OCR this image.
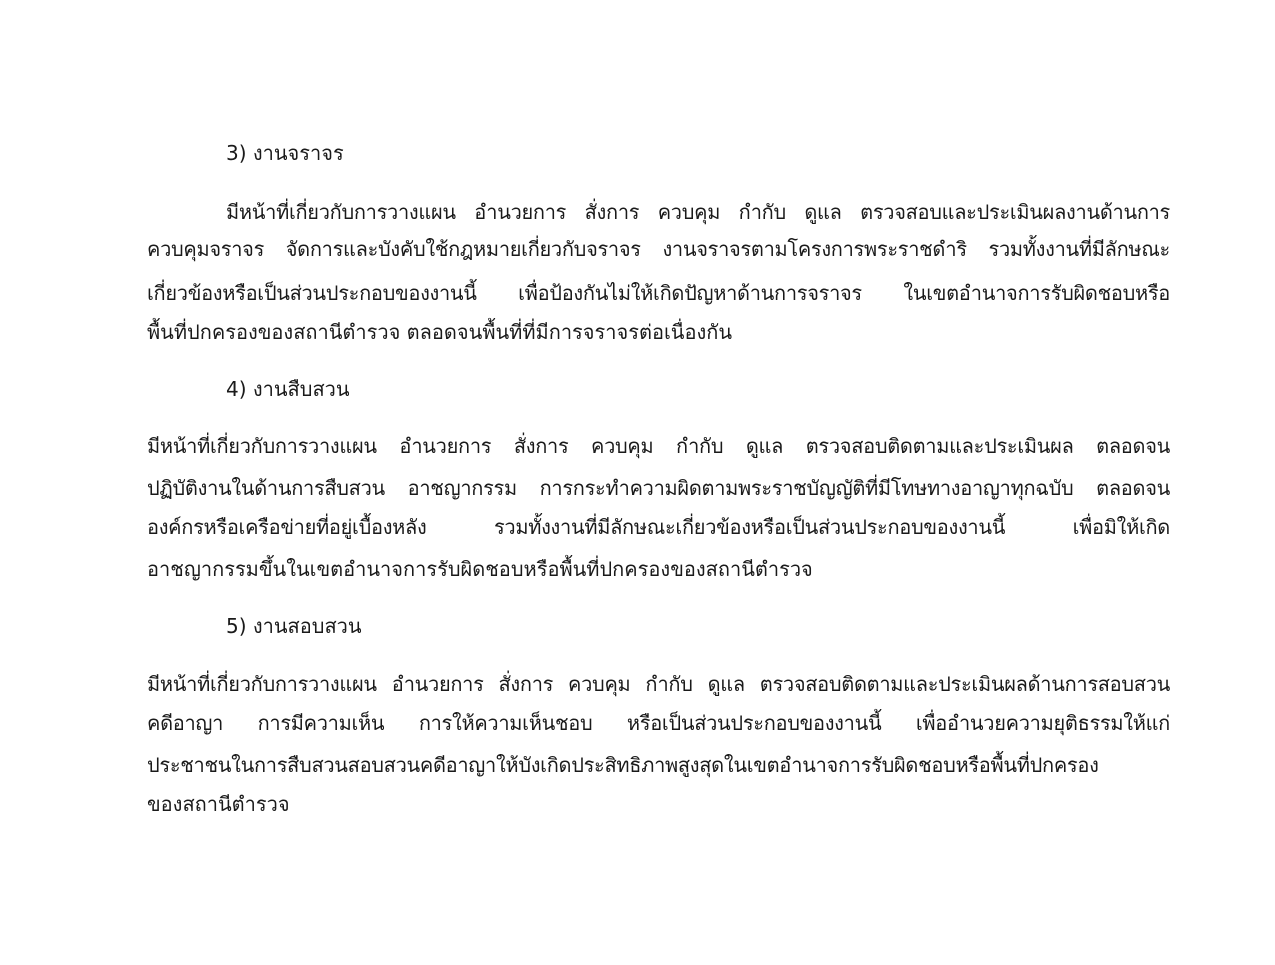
3) งานจราจร

มีหน้าที่เกี่ยวกับการวางแผน อำนวยการ สั่งการ ควบคุม กำกับ ดูแล ตรวจสอบและประเมินผลงานด้านการ

ควบคุมจราจร จัดการและบังคับใช้กฎหมายเกี่ยวกับจราจร งานจราจรตามโครงการพระราชดำริ รวมทั้งงานที่มีลักษณะ

เกี่ยวข้องหรือเป็นส่วนประกอบของงานนี้ เพื่อป้องกันไม่ให้เกิดปัญหาด้านการจราจร ในเขตอำนาจการรับผิดชอบหรือ

พื้นที่ปกครองของสถานีตำรวจ ตลอดจนพื้นที่ที่มีการจราจรต่อเนื่องกัน

4) งานสืบสวน

มีหน้าที่เกี่ยวกับการวางแผน อำนวยการ สั่งการ ควบคุม กำกับ ดูแล ตรวจสอบติดตามและประเมินผล ตลอดจน

ปฏิบัติงานในด้านการสืบสวน อาชญากรรม การกระทำความผิดตามพระราชบัญญัติที่มีโทษทางอาญาทุกฉบับ ตลอดจน

องค์กรหรือเครือข่ายที่อยู่เบื้องหลัง รวมทั้งงานที่มีลักษณะเกี่ยวข้องหรือเป็นส่วนประกอบของงานนี้ เพื่อมิให้เกิด

อาชญากรรมขึ้นในเขตอำนาจการรับผิดชอบหรือพื้นที่ปกครองของสถานีตำรวจ

5) งานสอบสวน

มีหน้าที่เกี่ยวกับการวางแผน อำนวยการ สั่งการ ควบคุม กำกับ ดูแล ตรวจสอบติดตามและประเมินผลด้านการสอบสวน

คดีอาญา การมีความเห็น การให้ความเห็นชอบ หรือเป็นส่วนประกอบของงานนี้ เพื่ออำนวยความยุติธรรมให้แก่

ประชาชนในการสืบสวนสอบสวนคดีอาญาให้บังเกิดประสิทธิภาพสูงสุดในเขตอำนาจการรับผิดชอบหรือพื้นที่ปกครอง

ของสถานีตำรวจ
